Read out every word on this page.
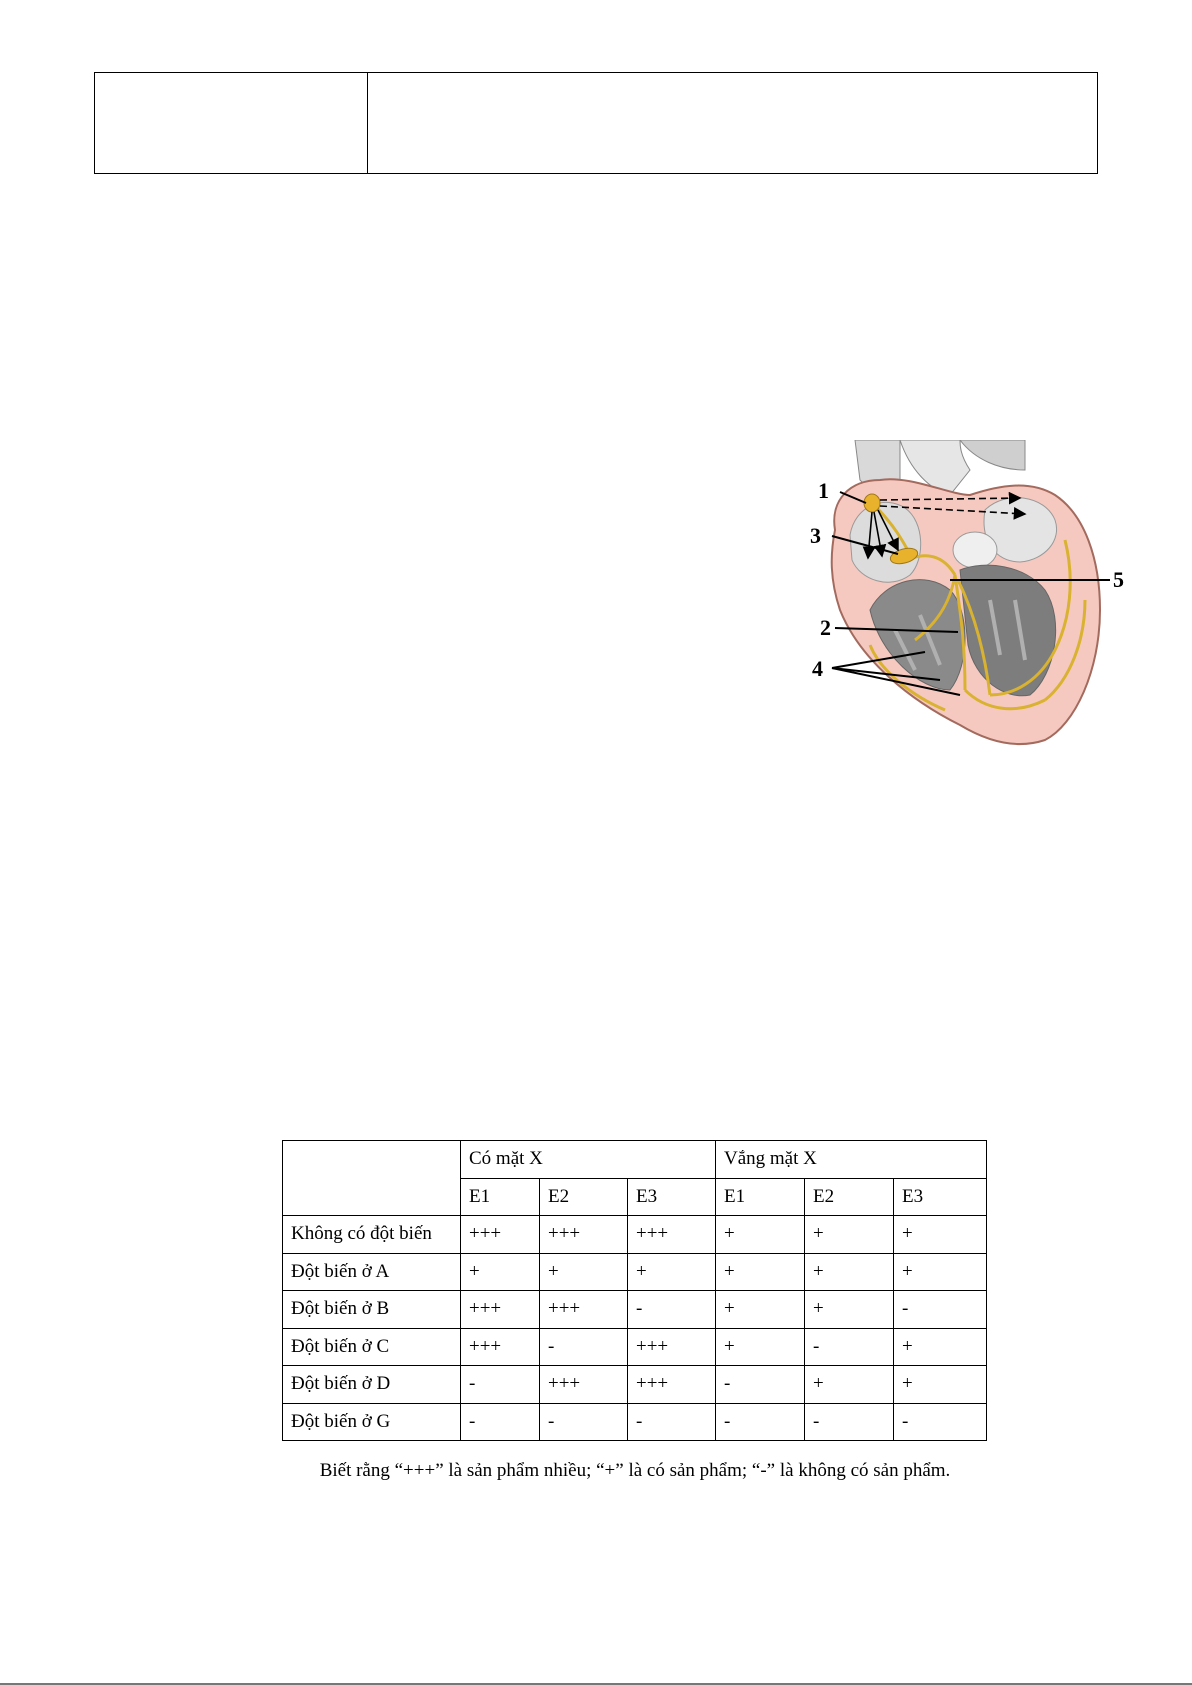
1
3
5
2
4
	Có mặt X			Vắng mặt X		
	E1	E2	E3	E1	E2	E3
Không có đột biến	+++	+++	+++	+	+	+
Đột biến ở A	+	+	+	+	+	+
Đột biến ở B	+++	+++	-	+	+	-
Đột biến ở C	+++	-	+++	+	-	+
Đột biến ở D	-	+++	+++	-	+	+
Đột biến ở G	-	-	-	-	-	-
Biết rằng “+++” là sản phẩm nhiều; “+” là có sản phẩm; “-” là không có sản phẩm.
